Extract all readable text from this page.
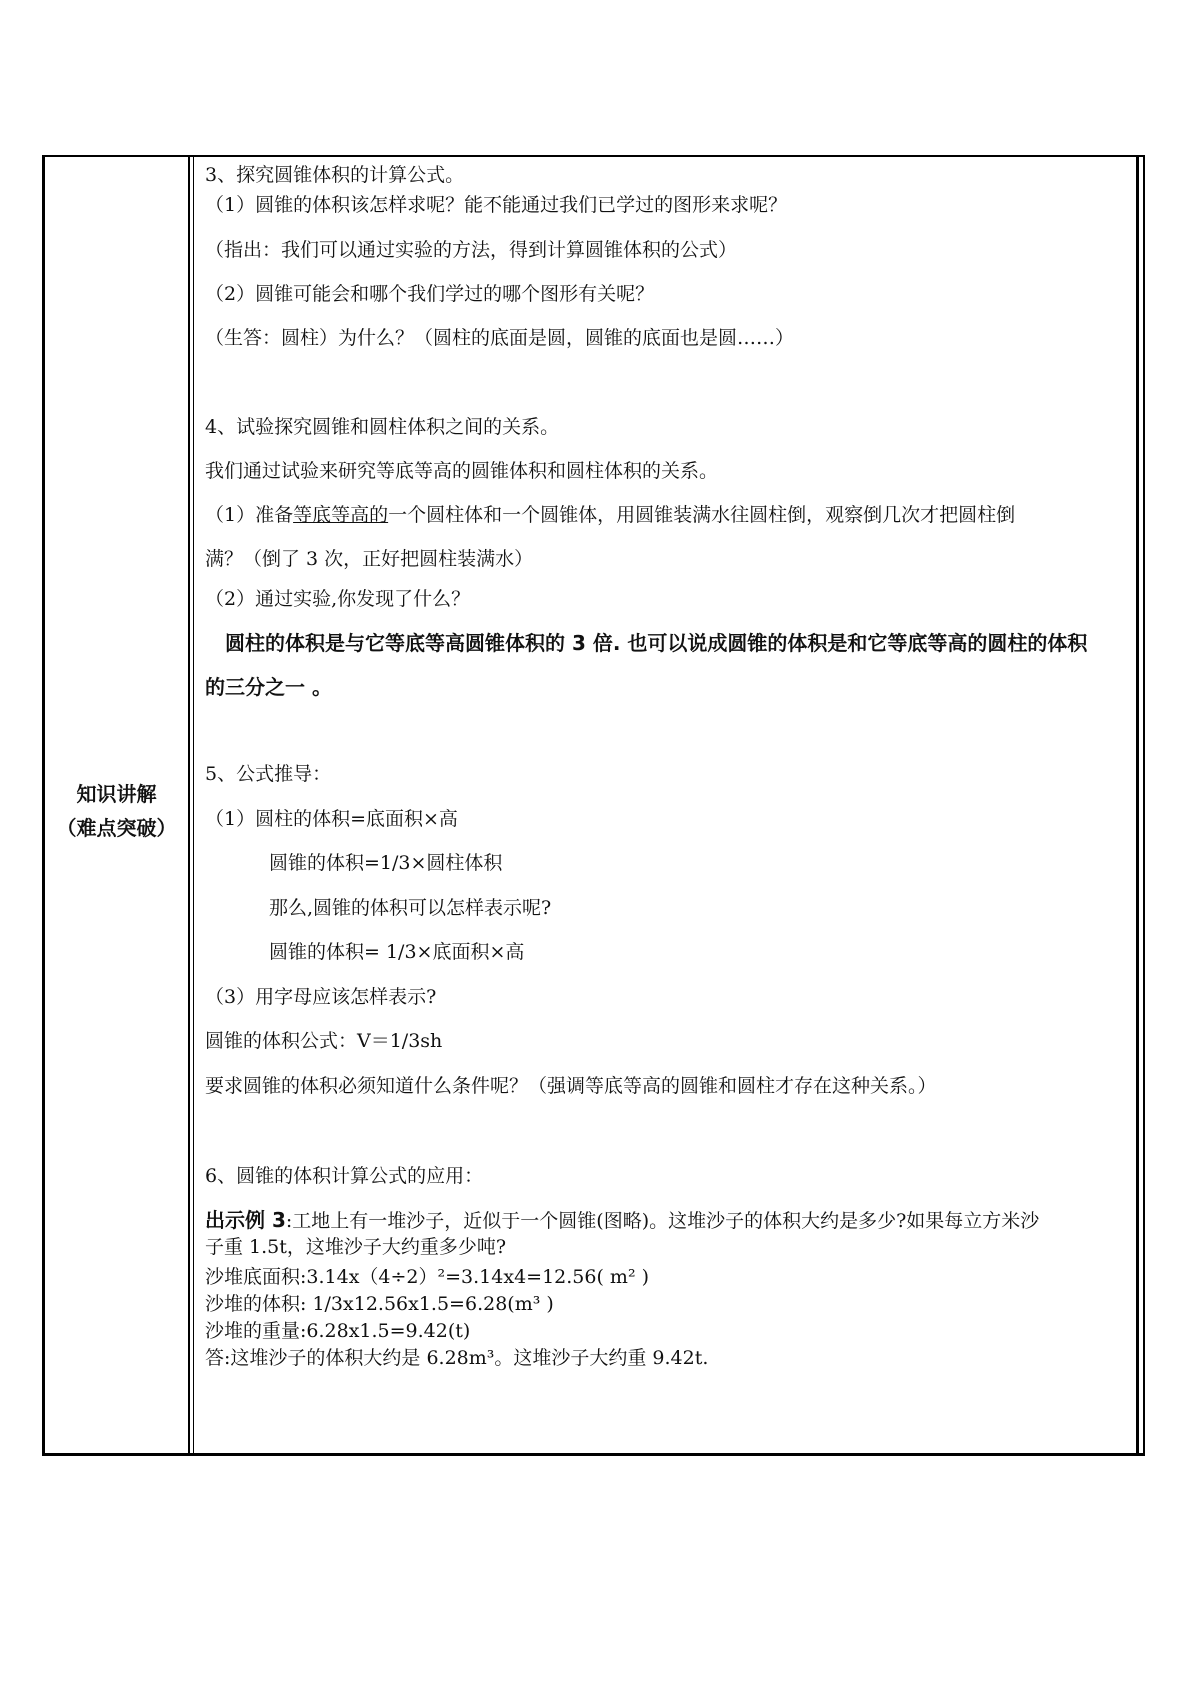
知识讲解
（难点突破）
3、探究圆锥体积的计算公式。
（1）圆锥的体积该怎样求呢？能不能通过我们已学过的图形来求呢？
（指出：我们可以通过实验的方法，得到计算圆锥体积的公式）
（2）圆锥可能会和哪个我们学过的哪个图形有关呢？
（生答：圆柱）为什么？（圆柱的底面是圆，圆锥的底面也是圆……）
4、试验探究圆锥和圆柱体积之间的关系。
我们通过试验来研究等底等高的圆锥体积和圆柱体积的关系。
（1）准备等底等高的一个圆柱体和一个圆锥体，用圆锥装满水往圆柱倒，观察倒几次才把圆柱倒
满？（倒了 3 次，正好把圆柱装满水）
（2）通过实验,你发现了什么？
圆柱的体积是与它等底等高圆锥体积的 3 倍. 也可以说成圆锥的体积是和它等底等高的圆柱的体积
的三分之一 。
5、公式推导：
（1）圆柱的体积=底面积×高
圆锥的体积=1/3×圆柱体积
那么,圆锥的体积可以怎样表示呢?
圆锥的体积= 1/3×底面积×高
（3）用字母应该怎样表示?
圆锥的体积公式：V＝1/3sh
要求圆锥的体积必须知道什么条件呢？（强调等底等高的圆锥和圆柱才存在这种关系。）
6、圆锥的体积计算公式的应用：
出示例 3:工地上有一堆沙子，近似于一个圆锥(图略)。这堆沙子的体积大约是多少?如果每立方米沙
子重 1.5t，这堆沙子大约重多少吨?
沙堆底面积:3.14x（4÷2）²=3.14x4=12.56( m² )
沙堆的体积: 1/3x12.56x1.5=6.28(m³ )
沙堆的重量:6.28x1.5=9.42(t)
答:这堆沙子的体积大约是 6.28m³。这堆沙子大约重 9.42t.
